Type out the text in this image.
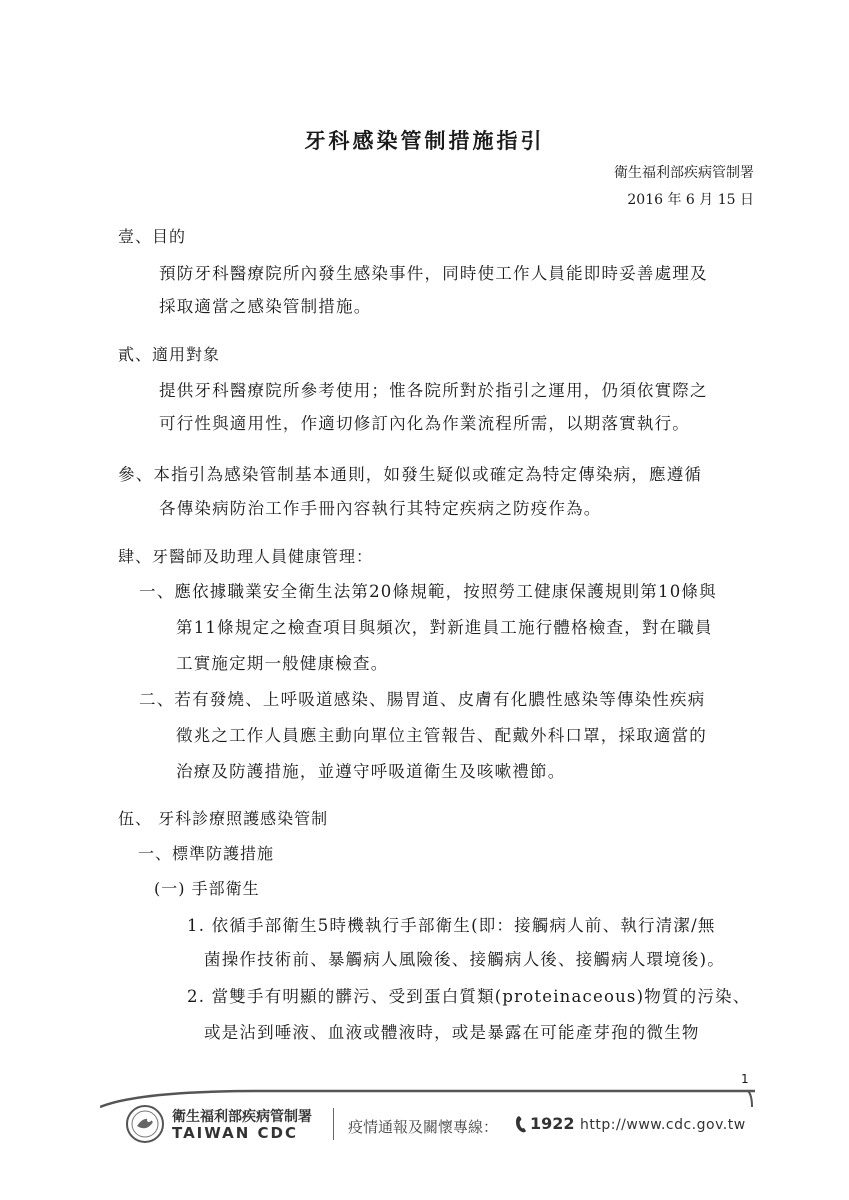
牙科感染管制措施指引
衛生福利部疾病管制署
2016 年 6 月 15 日
壹、目的
預防牙科醫療院所內發生感染事件，同時使工作人員能即時妥善處理及
採取適當之感染管制措施。
貳、適用對象
提供牙科醫療院所參考使用；惟各院所對於指引之運用，仍須依實際之
可行性與適用性，作適切修訂內化為作業流程所需，以期落實執行。
參、本指引為感染管制基本通則，如發生疑似或確定為特定傳染病，應遵循
各傳染病防治工作手冊內容執行其特定疾病之防疫作為。
肆、牙醫師及助理人員健康管理：
一、應依據職業安全衛生法第20條規範，按照勞工健康保護規則第10條與
第11條規定之檢查項目與頻次，對新進員工施行體格檢查，對在職員
工實施定期一般健康檢查。
二、若有發燒、上呼吸道感染、腸胃道、皮膚有化膿性感染等傳染性疾病
徵兆之工作人員應主動向單位主管報告、配戴外科口罩，採取適當的
治療及防護措施，並遵守呼吸道衛生及咳嗽禮節。
伍、 牙科診療照護感染管制
一、標準防護措施
(一) 手部衛生
1. 依循手部衛生5時機執行手部衛生(即：接觸病人前、執行清潔/無
菌操作技術前、暴觸病人風險後、接觸病人後、接觸病人環境後)。
2. 當雙手有明顯的髒污、受到蛋白質類(proteinaceous)物質的污染、
或是沾到唾液、血液或體液時，或是暴露在可能產芽孢的微生物
1
衛生福利部疾病管制署
TAIWAN CDC	疫情通報及關懷專線： 1922 http://www.cdc.gov.tw
